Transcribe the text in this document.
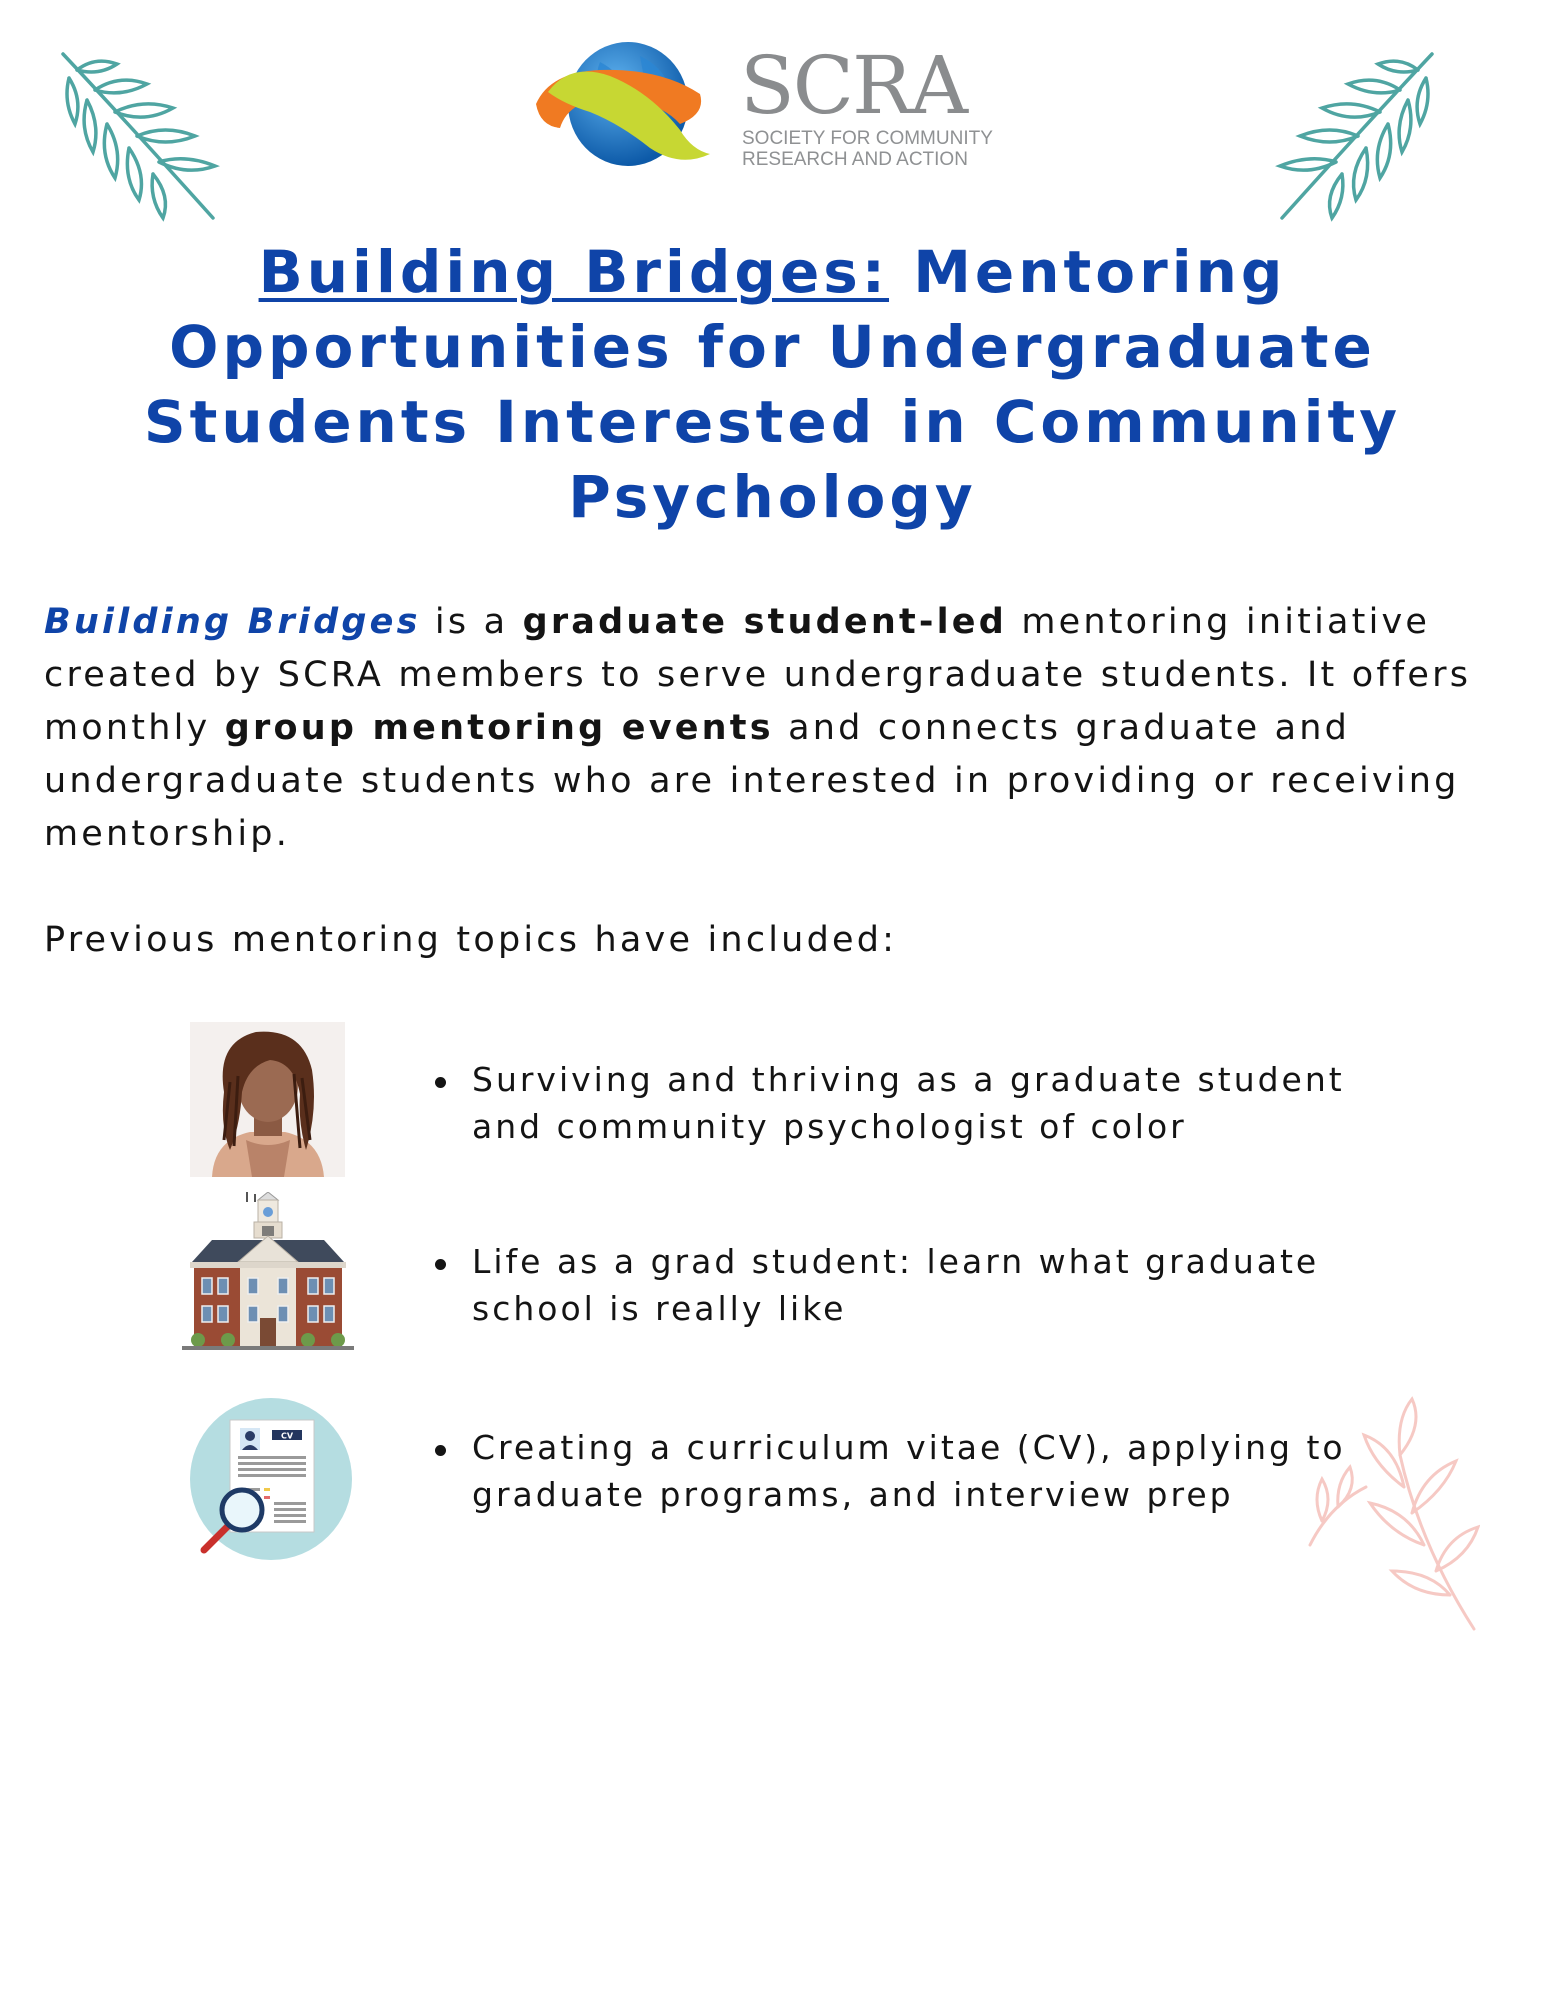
SCRA
SOCIETY FOR COMMUNITY
RESEARCH AND ACTION
Building Bridges: Mentoring Opportunities for Undergraduate Students Interested in Community Psychology

Building Bridges is a graduate student-led mentoring initiative created by SCRA members to serve undergraduate students. It offers monthly group mentoring events and connects graduate and undergraduate students who are interested in providing or receiving mentorship.

Previous mentoring topics have included:

CV
Surviving and thriving as a graduate student and community psychologist of color
Life as a grad student: learn what graduate school is really like
Creating a curriculum vitae (CV), applying to graduate programs, and interview prep
